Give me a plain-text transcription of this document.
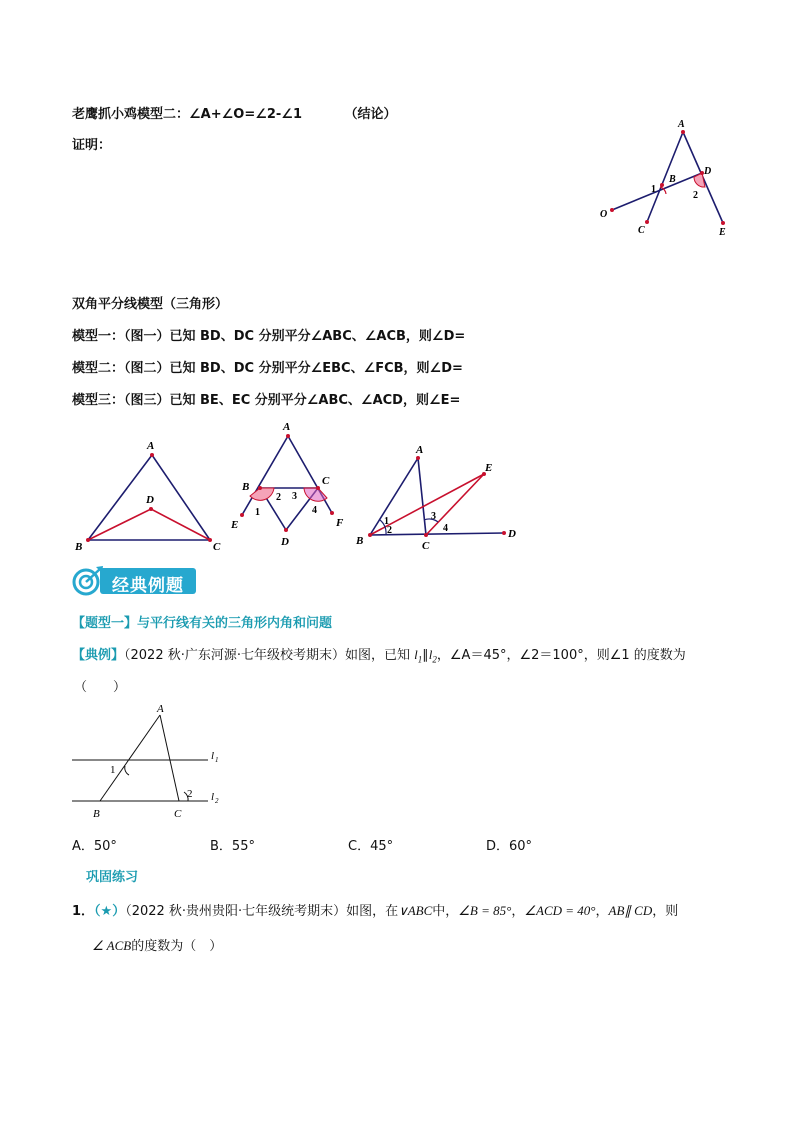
老鹰抓小鸡模型二：∠A+∠O=∠2-∠1	（结论）
证明：
A
B
D
O
C	E
1
2
双角平分线模型（三角形）
模型一：（图一）已知 BD、DC 分别平分∠ABC、∠ACB，则∠D=
模型二：（图二）已知 BD、DC 分别平分∠EBC、∠FCB，则∠D=
模型三：（图三）已知 BE、EC 分别平分∠ABC、∠ACD，则∠E=
A
D
B	C
A
B	C
D
E	F
1
2 3
4
A
E
B	C
D
1
2
3
4
经典例题
【题型一】与平行线有关的三角形内角和问题
【典例】（2022 秋·广东河源·七年级校考期末）如图，已知 $l_1\parallel l_2$，∠A＝45°，∠2＝100°，则∠1 的度数为
（　　）
A
1
2
B	C
l 1
l 2
A．50°	B．55°	C．45°	D．60°
巩固练习
1．（★）（2022 秋·贵州贵阳·七年级统考期末）如图，在∨ABC中，∠B = 85°，∠ACD = 40°，AB∥ CD，则
∠ ACB的度数为（　）
